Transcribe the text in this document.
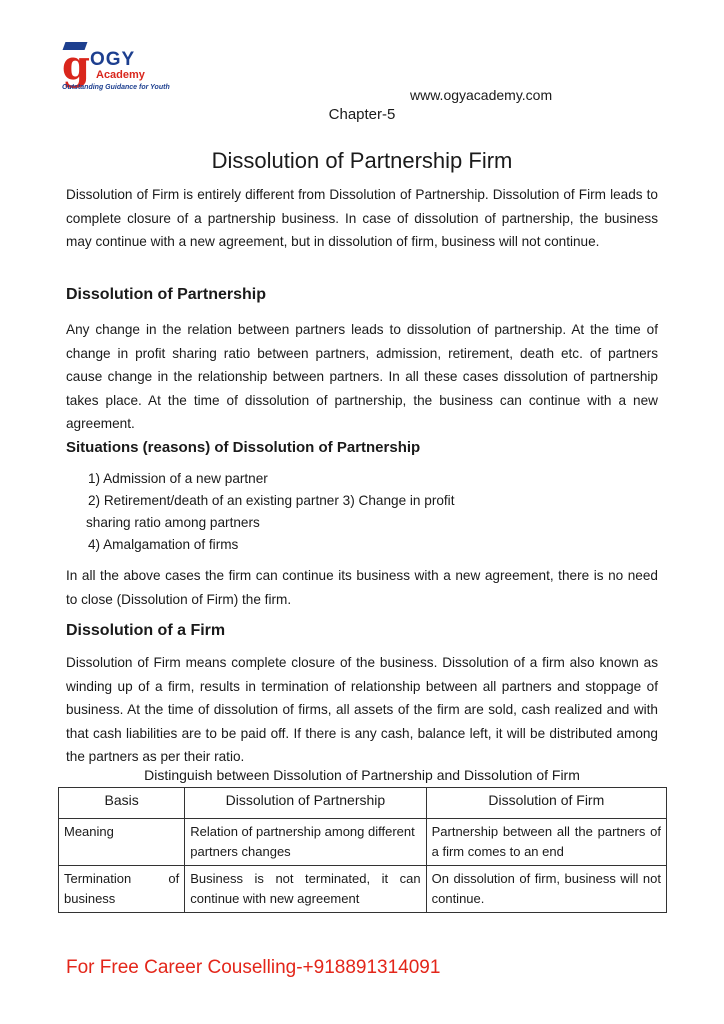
g OGY
Academy
Outstanding Guidance for Youth	www.ogyacademy.com
Chapter-5
Dissolution of Partnership Firm

Dissolution of Firm is entirely different from Dissolution of Partnership. Dissolution of Firm leads to complete closure of a partnership business. In case of dissolution of partnership, the business may continue with a new agreement, but in dissolution of firm, business will not continue.

Dissolution of Partnership

Any change in the relation between partners leads to dissolution of partnership. At the time of change in profit sharing ratio between partners, admission, retirement, death etc. of partners cause change in the relationship between partners. In all these cases dissolution of partnership takes place. At the time of dissolution of partnership, the business can continue with a new agreement.

Situations (reasons) of Dissolution of Partnership
1) Admission of a new partner
2) Retirement/death of an existing partner 3) Change in profit
sharing ratio among partners
4) Amalgamation of firms

In all the above cases the firm can continue its business with a new agreement, there is no need to close (Dissolution of Firm) the firm.

Dissolution of a Firm

Dissolution of Firm means complete closure of the business. Dissolution of a firm also known as winding up of a firm, results in termination of relationship between all partners and stoppage of business. At the time of dissolution of firms, all assets of the firm are sold, cash realized and with that cash liabilities are to be paid off. If there is any cash, balance left, it will be distributed among the partners as per their ratio.

Distinguish between Dissolution of Partnership and Dissolution of Firm
Basis	Dissolution of Partnership	Dissolution of Firm
Meaning	Relation of partnership among different partners changes	Partnership between all the partners of a firm comes to an end
Termination of business	Business is not terminated, it can continue with new agreement	On dissolution of firm, business will not continue.
For Free Career Couselling-+918891314091
